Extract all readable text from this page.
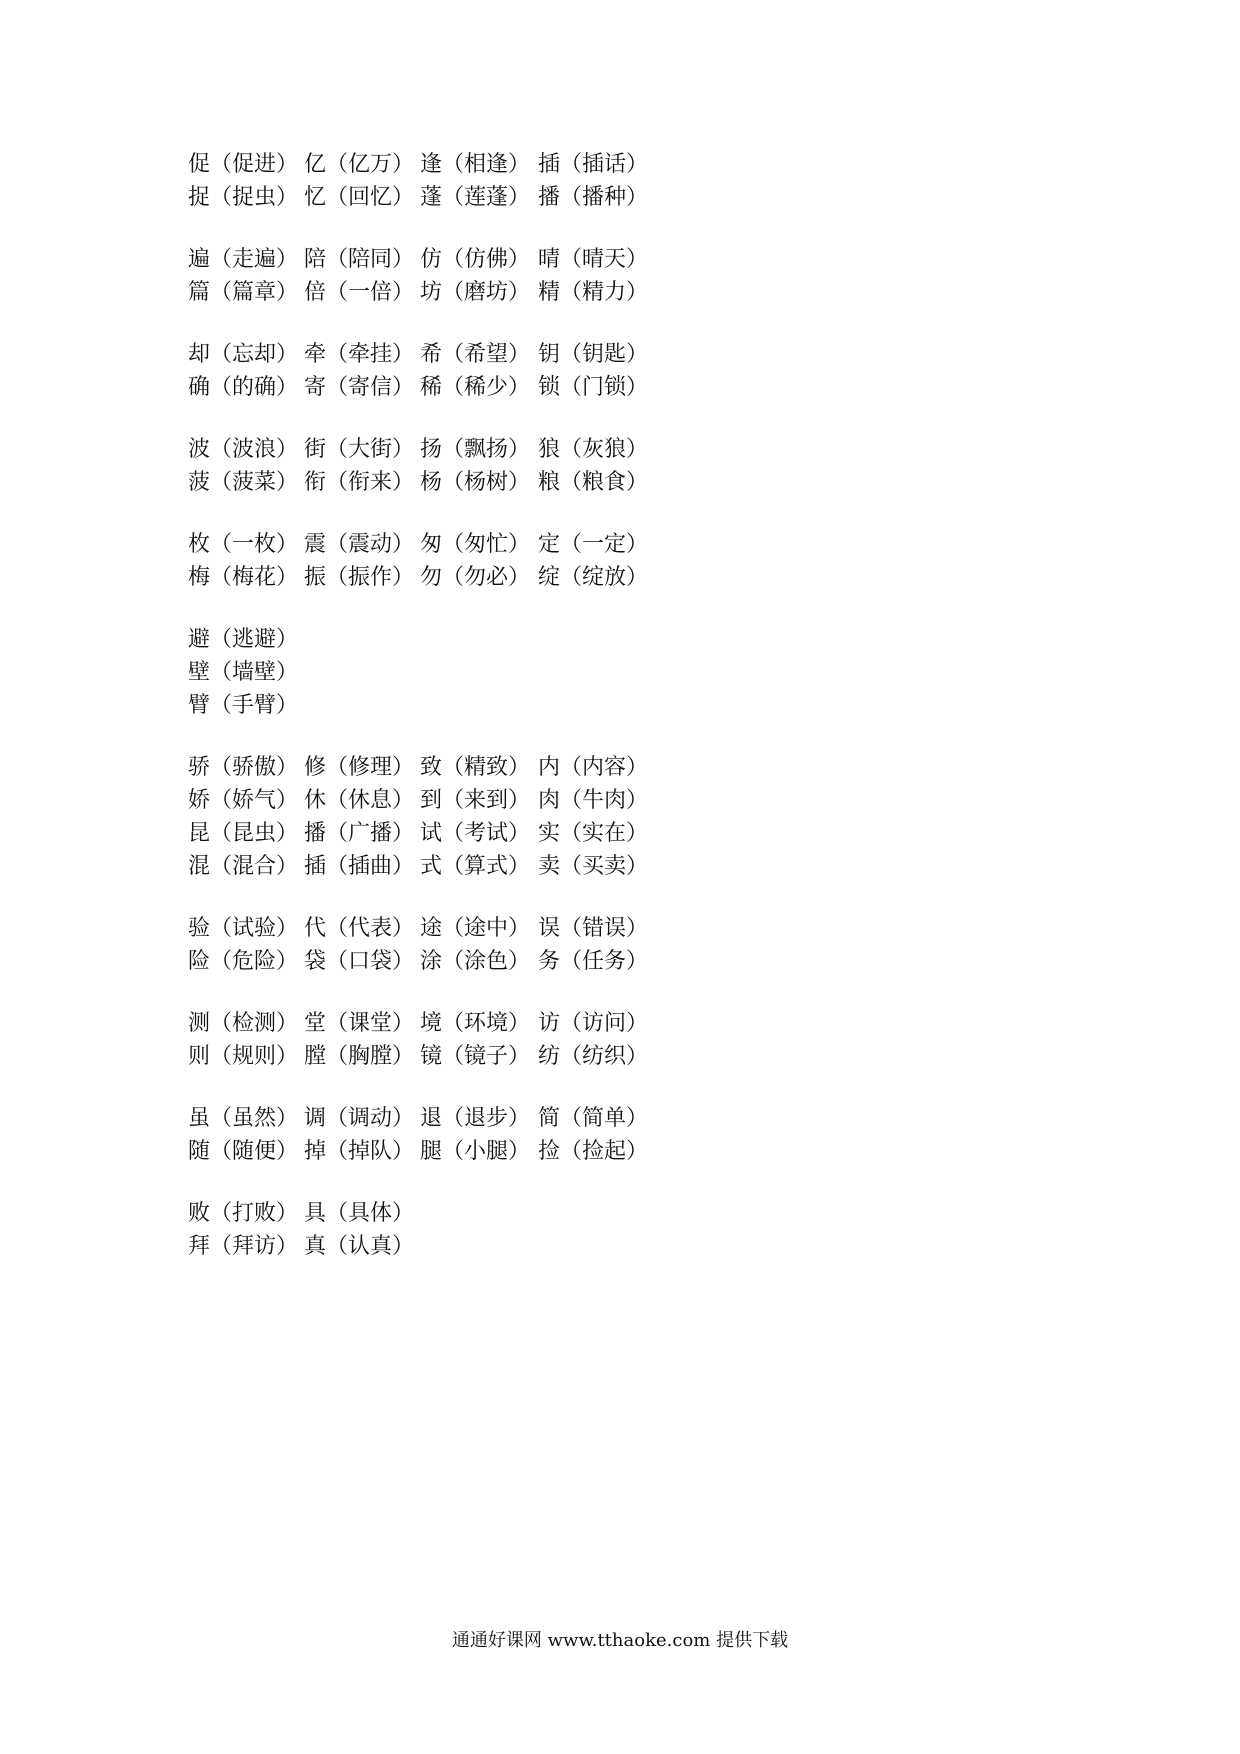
促（促进） 亿（亿万） 逢（相逢） 插（插话）
捉（捉虫） 忆（回忆） 蓬（莲蓬） 播（播种）
遍（走遍） 陪（陪同） 仿（仿佛） 晴（晴天）
篇（篇章） 倍（一倍） 坊（磨坊） 精（精力）
却（忘却） 牵（牵挂） 希（希望） 钥（钥匙）
确（的确） 寄（寄信） 稀（稀少） 锁（门锁）
波（波浪） 街（大街） 扬（飘扬） 狼（灰狼）
菠（菠菜） 衔（衔来） 杨（杨树） 粮（粮食）
枚（一枚） 震（震动） 匆（匆忙） 定（一定）
梅（梅花） 振（振作） 勿（勿必） 绽（绽放）
避（逃避）
壁（墙壁）
臂（手臂）
骄（骄傲） 修（修理） 致（精致） 内（内容）
娇（娇气） 休（休息） 到（来到） 肉（牛肉）
昆（昆虫） 播（广播） 试（考试） 实（实在）
混（混合） 插（插曲） 式（算式） 卖（买卖）
验（试验） 代（代表） 途（途中） 误（错误）
险（危险） 袋（口袋） 涂（涂色） 务（任务）
测（检测） 堂（课堂） 境（环境） 访（访问）
则（规则） 膛（胸膛） 镜（镜子） 纺（纺织）
虽（虽然） 调（调动） 退（退步） 简（简单）
随（随便） 掉（掉队） 腿（小腿） 捡（捡起）
败（打败） 具（具体）
拜（拜访） 真（认真）
通通好课网 www.tthaoke.com 提供下载
